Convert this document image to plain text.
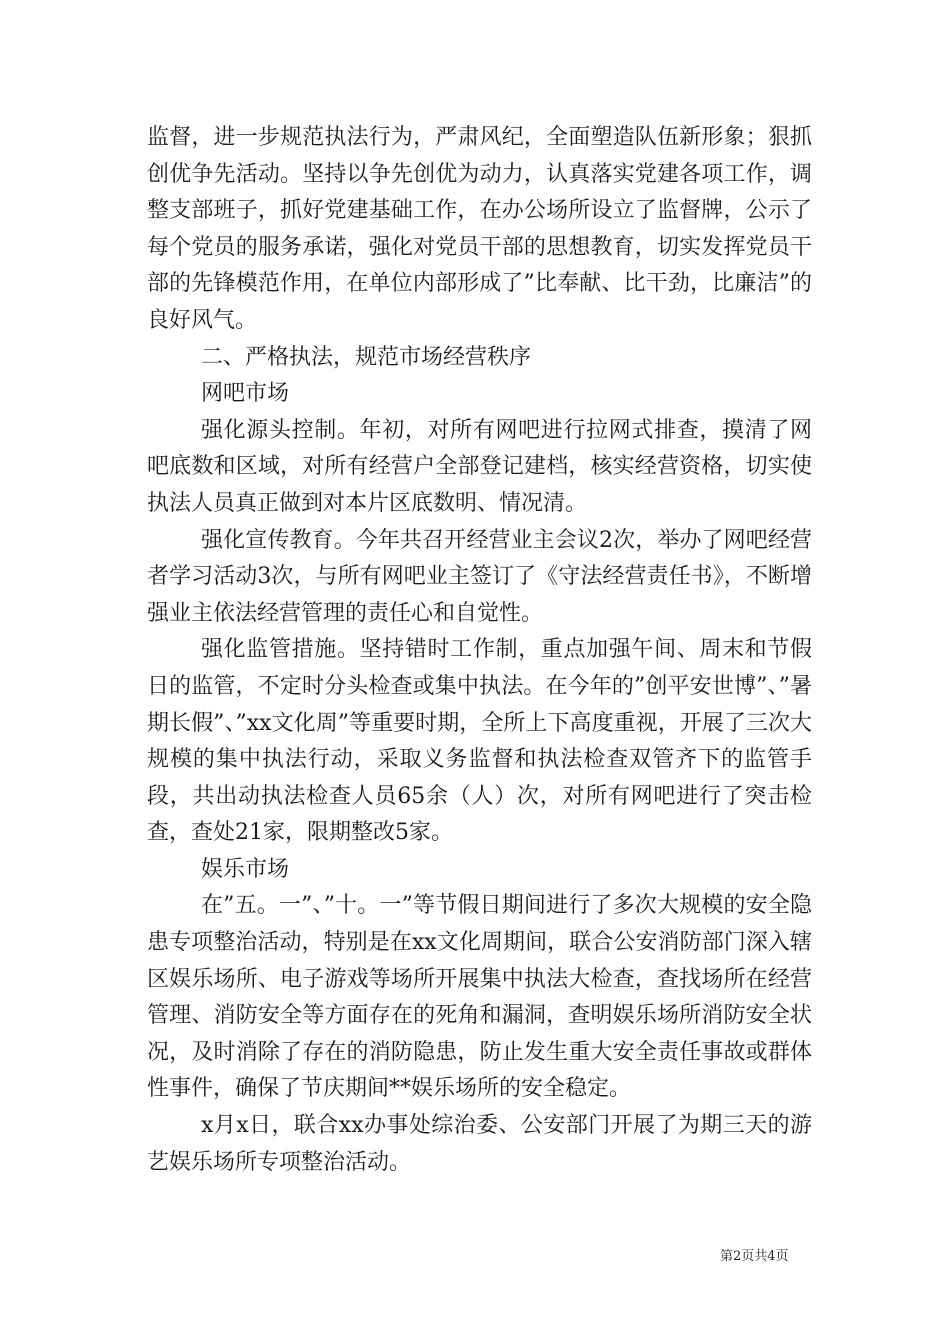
监督，进一步规范执法行为，严肃风纪，全面塑造队伍新形象；狠抓创优争先活动。坚持以争先创优为动力，认真落实党建各项工作，调整支部班子，抓好党建基础工作，在办公场所设立了监督牌，公示了每个党员的服务承诺，强化对党员干部的思想教育，切实发挥党员干部的先锋模范作用，在单位内部形成了”比奉献、比干劲，比廉洁”的良好风气。

二、严格执法，规范市场经营秩序

网吧市场

强化源头控制。年初，对所有网吧进行拉网式排查，摸清了网吧底数和区域，对所有经营户全部登记建档，核实经营资格，切实使执法人员真正做到对本片区底数明、情况清。

强化宣传教育。今年共召开经营业主会议2次，举办了网吧经营者学习活动3次，与所有网吧业主签订了《守法经营责任书》，不断增强业主依法经营管理的责任心和自觉性。

强化监管措施。坚持错时工作制，重点加强午间、周末和节假日的监管，不定时分头检查或集中执法。在今年的”创平安世博”、”暑期长假”、”xx文化周”等重要时期，全所上下高度重视，开展了三次大规模的集中执法行动，采取义务监督和执法检查双管齐下的监管手段，共出动执法检查人员65余（人）次，对所有网吧进行了突击检查，查处21家，限期整改5家。

娱乐市场

在”五。一”、”十。一”等节假日期间进行了多次大规模的安全隐患专项整治活动，特别是在xx文化周期间，联合公安消防部门深入辖区娱乐场所、电子游戏等场所开展集中执法大检查，查找场所在经营管理、消防安全等方面存在的死角和漏洞，查明娱乐场所消防安全状况，及时消除了存在的消防隐患，防止发生重大安全责任事故或群体性事件，确保了节庆期间**娱乐场所的安全稳定。

x月x日，联合xx办事处综治委、公安部门开展了为期三天的游艺娱乐场所专项整治活动。

第2页共4页
